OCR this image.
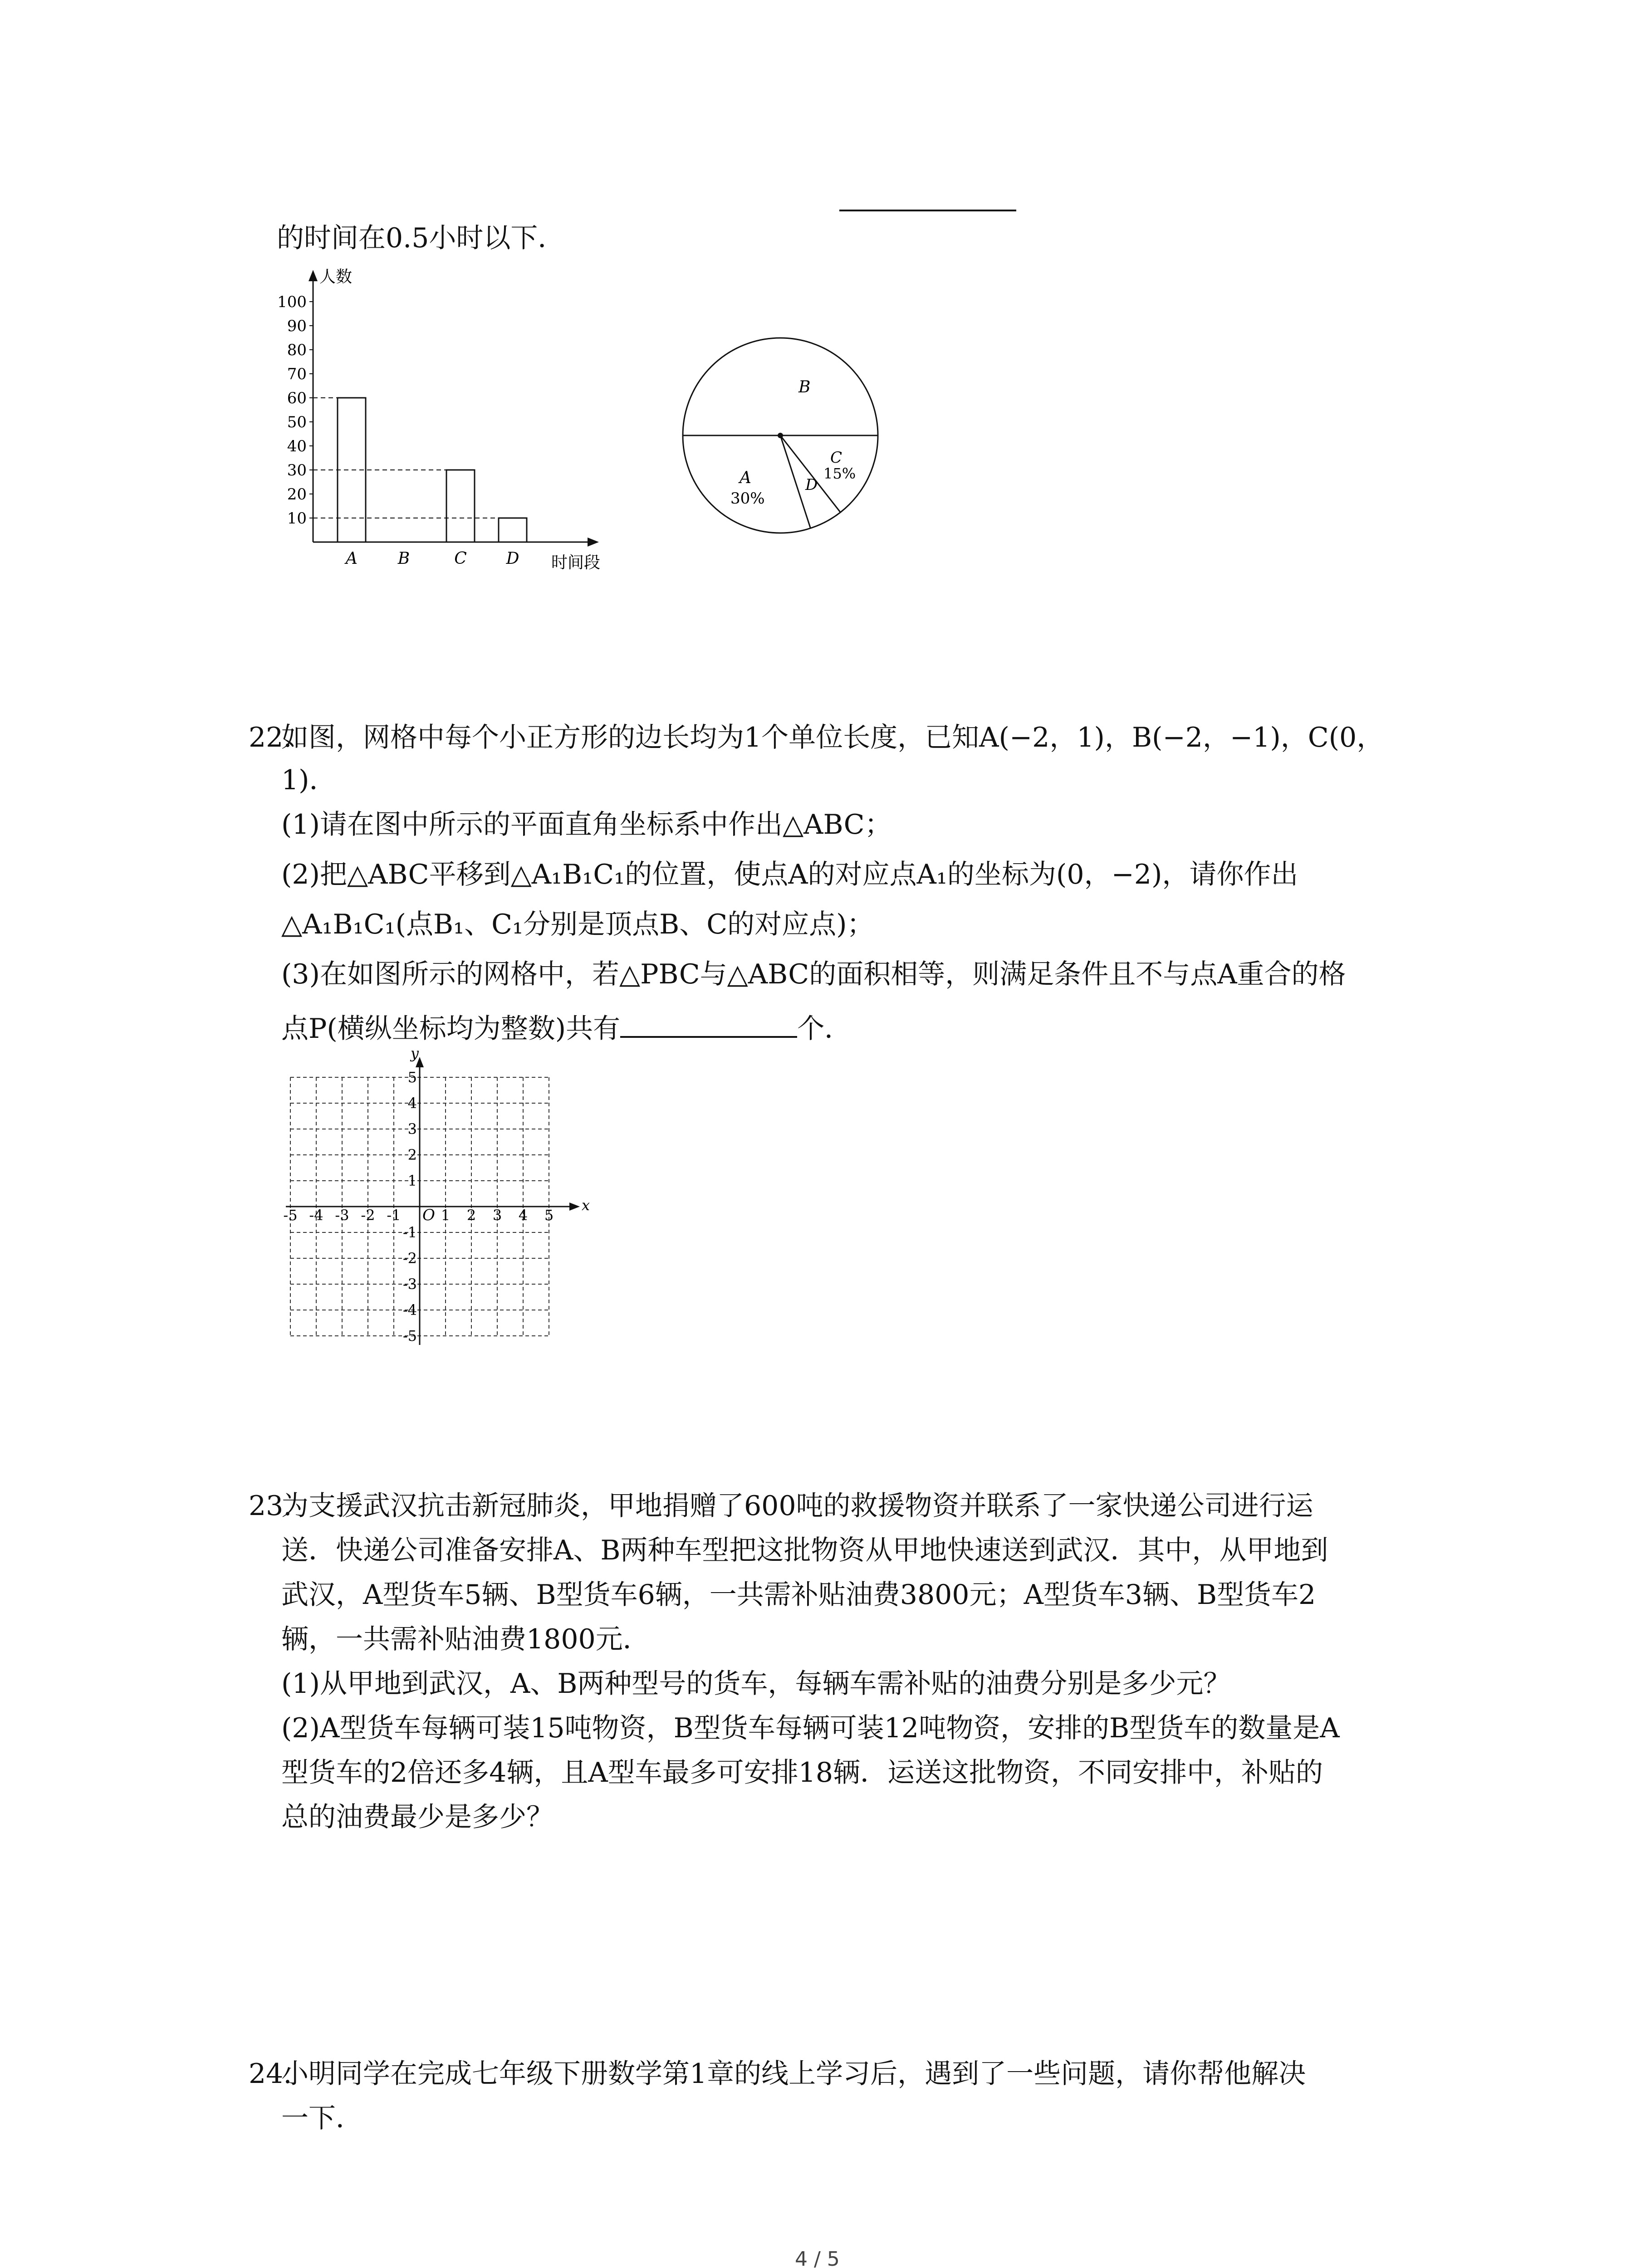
的时间在0.5小时以下．
人数
时间段
100
90
80
70
60
50
40
30
20
10
A B	C D
B
A
30%
C
15%
D
22.
如图，网格中每个小正方形的边长均为1个单位长度，已知A(−2，1)，B(−2，−1)，C(0，
1)．
(1)请在图中所示的平面直角坐标系中作出△ABC；
(2)把△ABC平移到△A₁B₁C₁的位置，使点A的对应点A₁的坐标为(0，−2)，请你作出
△A₁B₁C₁(点B₁、C₁分别是顶点B、C的对应点)；
(3)在如图所示的网格中，若△PBC与△ABC的面积相等，则满足条件且不与点A重合的格
点P(横纵坐标均为整数)共有	个．
x
y
O
-5 -4 -3 -2 -1	1 2 3 4 5
5
4
3
2
1
-1
-2
-3
-4
-5
23.
为支援武汉抗击新冠肺炎，甲地捐赠了600吨的救援物资并联系了一家快递公司进行运
送．快递公司准备安排A、B两种车型把这批物资从甲地快速送到武汉．其中，从甲地到
武汉，A型货车5辆、B型货车6辆，一共需补贴油费3800元；A型货车3辆、B型货车2
辆，一共需补贴油费1800元．
(1)从甲地到武汉，A、B两种型号的货车，每辆车需补贴的油费分别是多少元？
(2)A型货车每辆可装15吨物资，B型货车每辆可装12吨物资，安排的B型货车的数量是A
型货车的2倍还多4辆，且A型车最多可安排18辆．运送这批物资，不同安排中，补贴的
总的油费最少是多少？
24.
小明同学在完成七年级下册数学第1章的线上学习后，遇到了一些问题，请你帮他解决
一下．
4 / 5
